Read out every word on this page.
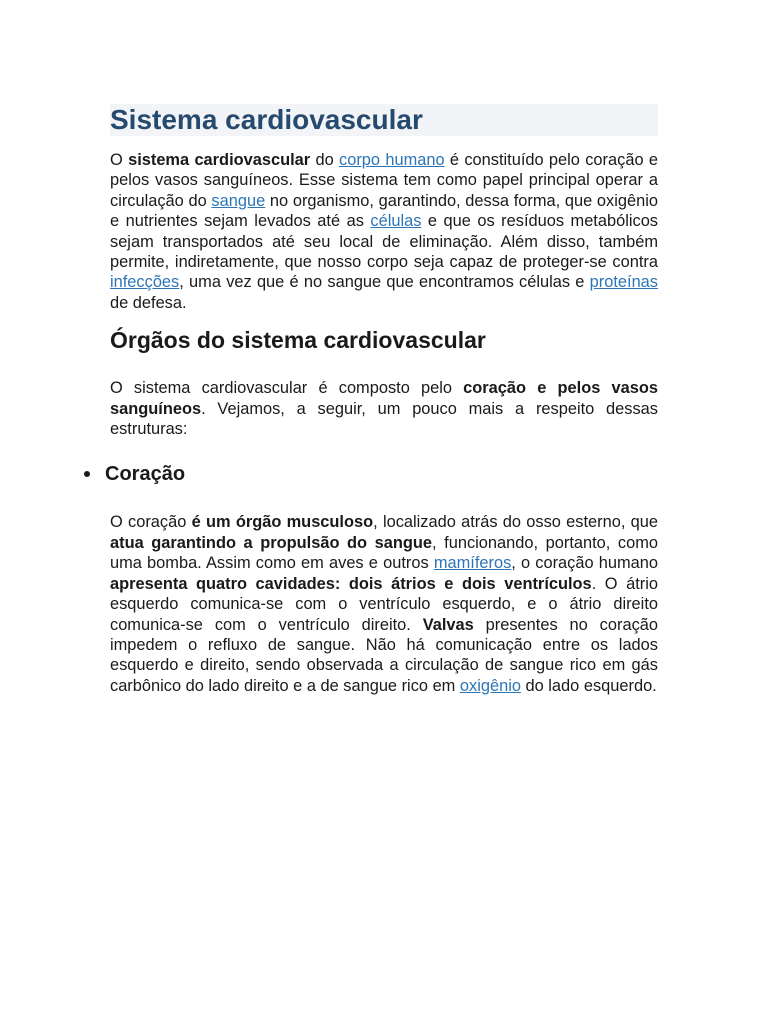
Sistema cardiovascular

O sistema cardiovascular do corpo humano é constituído pelo coração e pelos vasos sanguíneos. Esse sistema tem como papel principal operar a circulação do sangue no organismo, garantindo, dessa forma, que oxigênio e nutrientes sejam levados até as células e que os resíduos metabólicos sejam transportados até seu local de eliminação. Além disso, também permite, indiretamente, que nosso corpo seja capaz de proteger-se contra infecções, uma vez que é no sangue que encontramos células e proteínas de defesa.

Órgãos do sistema cardiovascular

O sistema cardiovascular é composto pelo coração e pelos vasos sanguíneos. Vejamos, a seguir, um pouco mais a respeito dessas estruturas:

Coração

O coração é um órgão musculoso, localizado atrás do osso esterno, que atua garantindo a propulsão do sangue, funcionando, portanto, como uma bomba. Assim como em aves e outros mamíferos, o coração humano apresenta quatro cavidades: dois átrios e dois ventrículos. O átrio esquerdo comunica-se com o ventrículo esquerdo, e o átrio direito comunica-se com o ventrículo direito. Valvas presentes no coração impedem o refluxo de sangue. Não há comunicação entre os lados esquerdo e direito, sendo observada a circulação de sangue rico em gás carbônico do lado direito e a de sangue rico em oxigênio do lado esquerdo.
